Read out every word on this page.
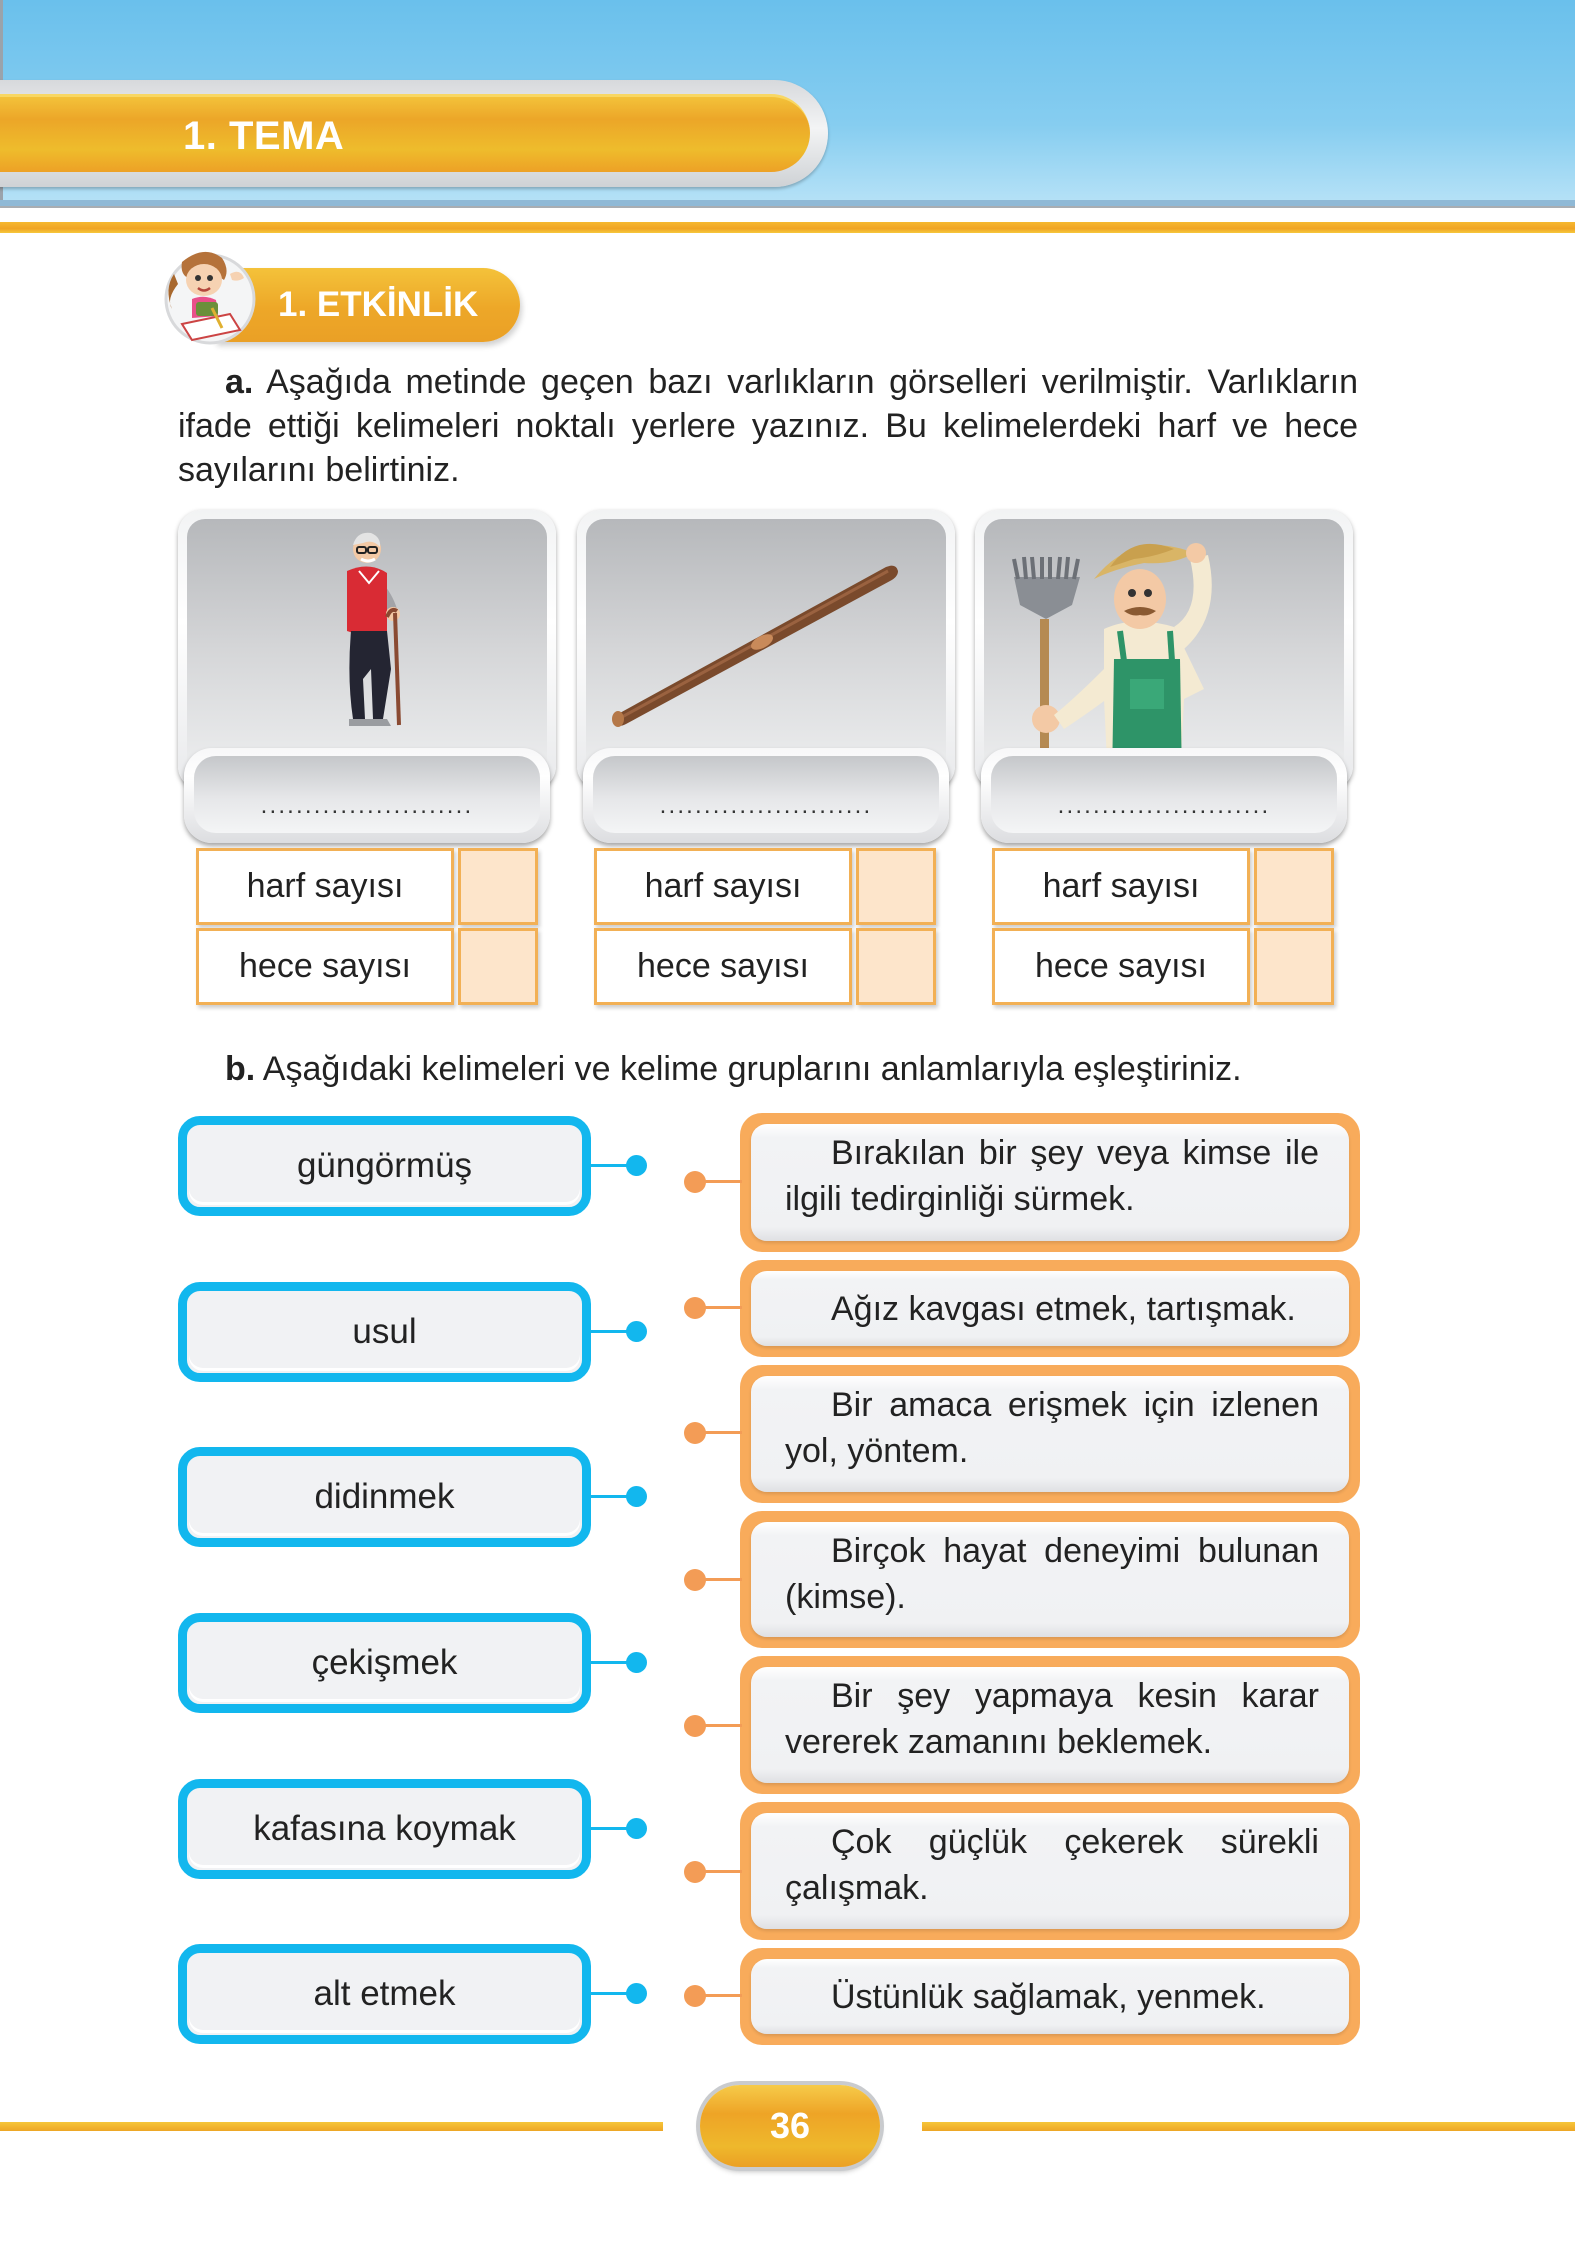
1. TEMA
1. ETKİNLİK
a. Aşağıda metinde geçen bazı varlıkların görselleri verilmiştir. Varlıkların ifade ettiği kelimeleri noktalı yerlere yazınız. Bu kelimelerdeki harf ve hece sayılarını belirtiniz.
........................	........................	........................
harf sayısı
hece sayısı
harf sayısı
hece sayısı
harf sayısı
hece sayısı
b. Aşağıdaki kelimeleri ve kelime gruplarını anlamlarıyla eşleştiriniz.
güngörmüş
usul
didinmek
çekişmek
kafasına koymak
alt etmek
Bırakılan bir şey veya kimse ile ilgili tedirginliği sürmek.
Ağız kavgası etmek, tartışmak.
Bir amaca erişmek için izlenen yol, yöntem.
Birçok hayat deneyimi bulunan (kimse).
Bir şey yapmaya kesin karar vererek zamanını beklemek.
Çok güçlük çekerek sürekli çalışmak.
Üstünlük sağlamak, yenmek.
36
